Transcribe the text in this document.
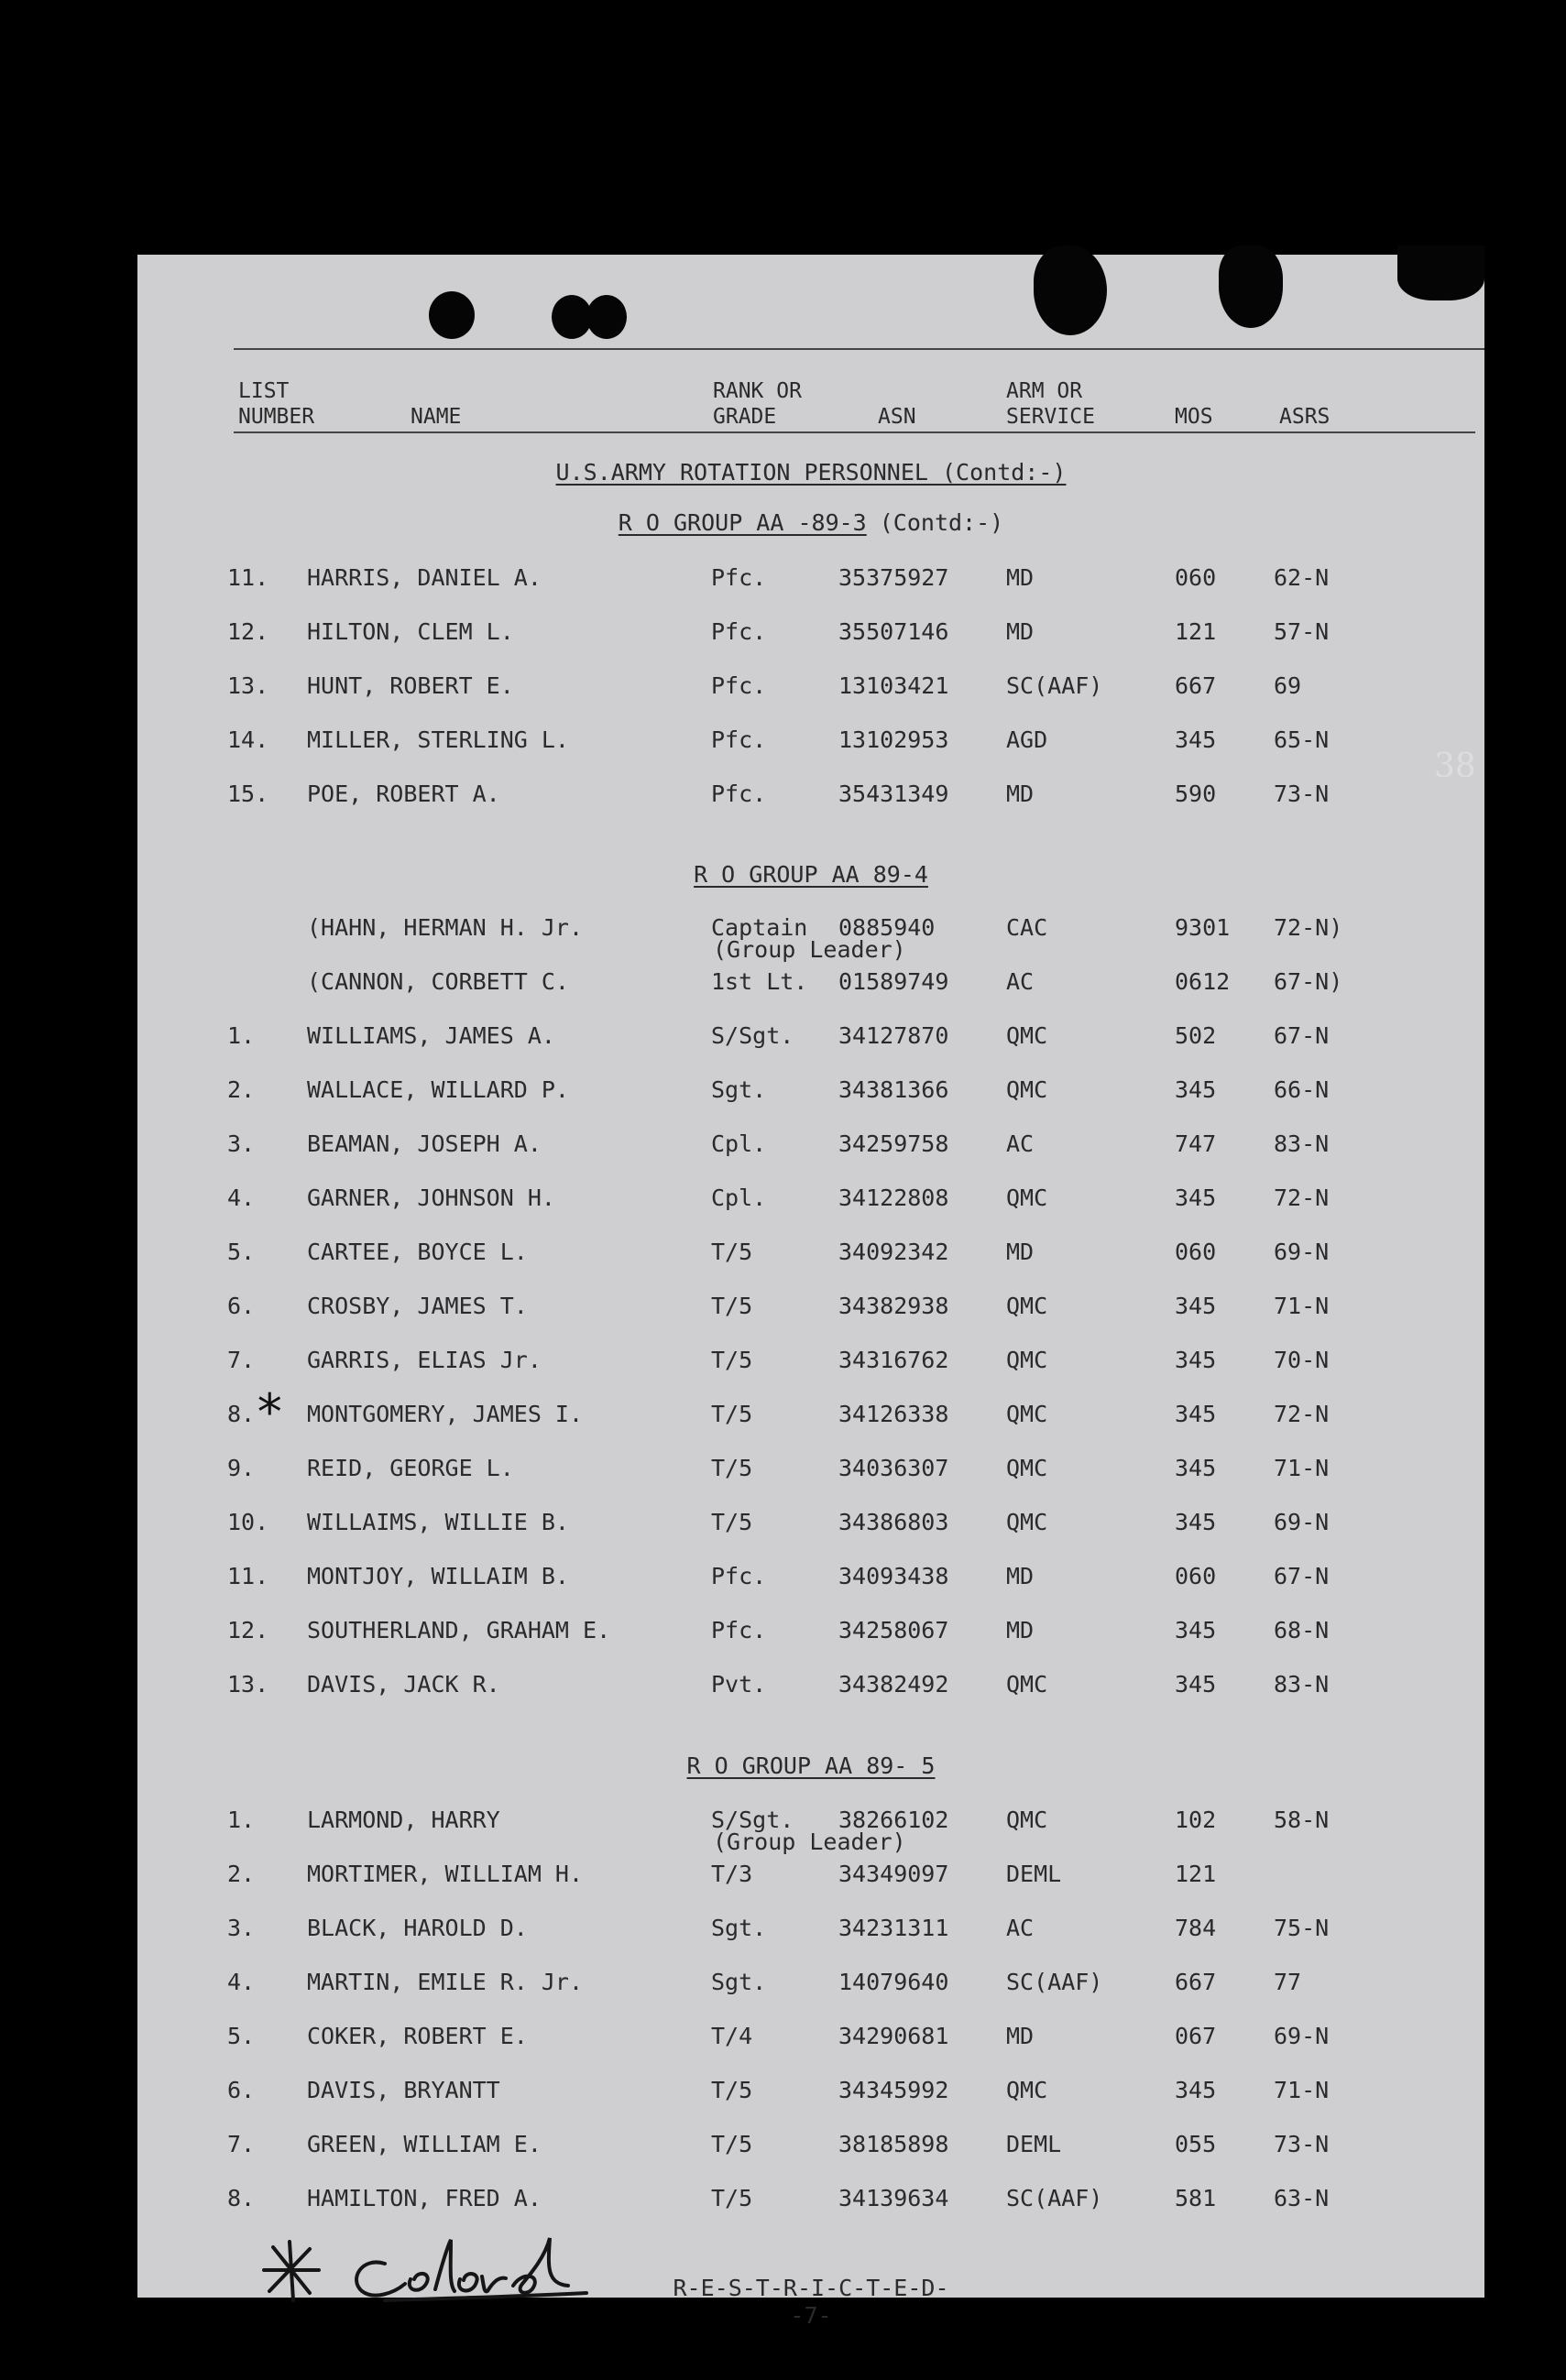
LIST
NUMBER	NAME
RANK OR
GRADE	ASN
ARM OR
SERVICE	MOS	ASRS
U.S.ARMY ROTATION PERSONNEL (Contd:-)
R O GROUP AA -89-3 (Contd:-)
11. HARRIS, DANIEL A.	Pfc.	35375927	MD	060	62-N
12. HILTON, CLEM L.	Pfc.	35507146	MD	121	57-N
13. HUNT, ROBERT E.	Pfc.	13103421	SC(AAF)	667	69
14. MILLER, STERLING L.	Pfc.	13102953	AGD	345	65-N
15. POE, ROBERT A.	Pfc.	35431349	MD	590	73-N
R O GROUP AA 89-4
(HAHN, HERMAN H. Jr.	Captain 0885940	CAC	9301 72-N)
(Group Leader)
(CANNON, CORBETT C.	1st Lt. 01589749	AC	0612 67-N)
1. WILLIAMS, JAMES A.	S/Sgt. 34127870	QMC	502	67-N
2. WALLACE, WILLARD P.	Sgt.	34381366	QMC	345	66-N
3. BEAMAN, JOSEPH A.	Cpl.	34259758	AC	747	83-N
4. GARNER, JOHNSON H.	Cpl.	34122808	QMC	345	72-N
5. CARTEE, BOYCE L.	T/5	34092342	MD	060	69-N
6. CROSBY, JAMES T.	T/5	34382938	QMC	345	71-N
7. GARRIS, ELIAS Jr.	T/5	34316762	QMC	345	70-N
8. MONTGOMERY, JAMES I.	T/5	34126338	QMC	345	72-N
*
9. REID, GEORGE L.	T/5	34036307	QMC	345	71-N
10. WILLAIMS, WILLIE B.	T/5	34386803	QMC	345	69-N
11. MONTJOY, WILLAIM B.	Pfc.	34093438	MD	060	67-N
12. SOUTHERLAND, GRAHAM E.	Pfc.	34258067	MD	345	68-N
13. DAVIS, JACK R.	Pvt.	34382492	QMC	345	83-N
R O GROUP AA 89- 5
1. LARMOND, HARRY	S/Sgt. 38266102	QMC	102	58-N
(Group Leader)
2. MORTIMER, WILLIAM H.	T/3	34349097	DEML	121
3. BLACK, HAROLD D.	Sgt.	34231311	AC	784	75-N
4. MARTIN, EMILE R. Jr.	Sgt.	14079640	SC(AAF)	667	77
5. COKER, ROBERT E.	T/4	34290681	MD	067	69-N
6. DAVIS, BRYANTT	T/5	34345992	QMC	345	71-N
7. GREEN, WILLIAM E.	T/5	38185898	DEML	055	73-N
8. HAMILTON, FRED A.	T/5	34139634	SC(AAF)	581	63-N
38
R-E-S-T-R-I-C-T-E-D-
-7-
